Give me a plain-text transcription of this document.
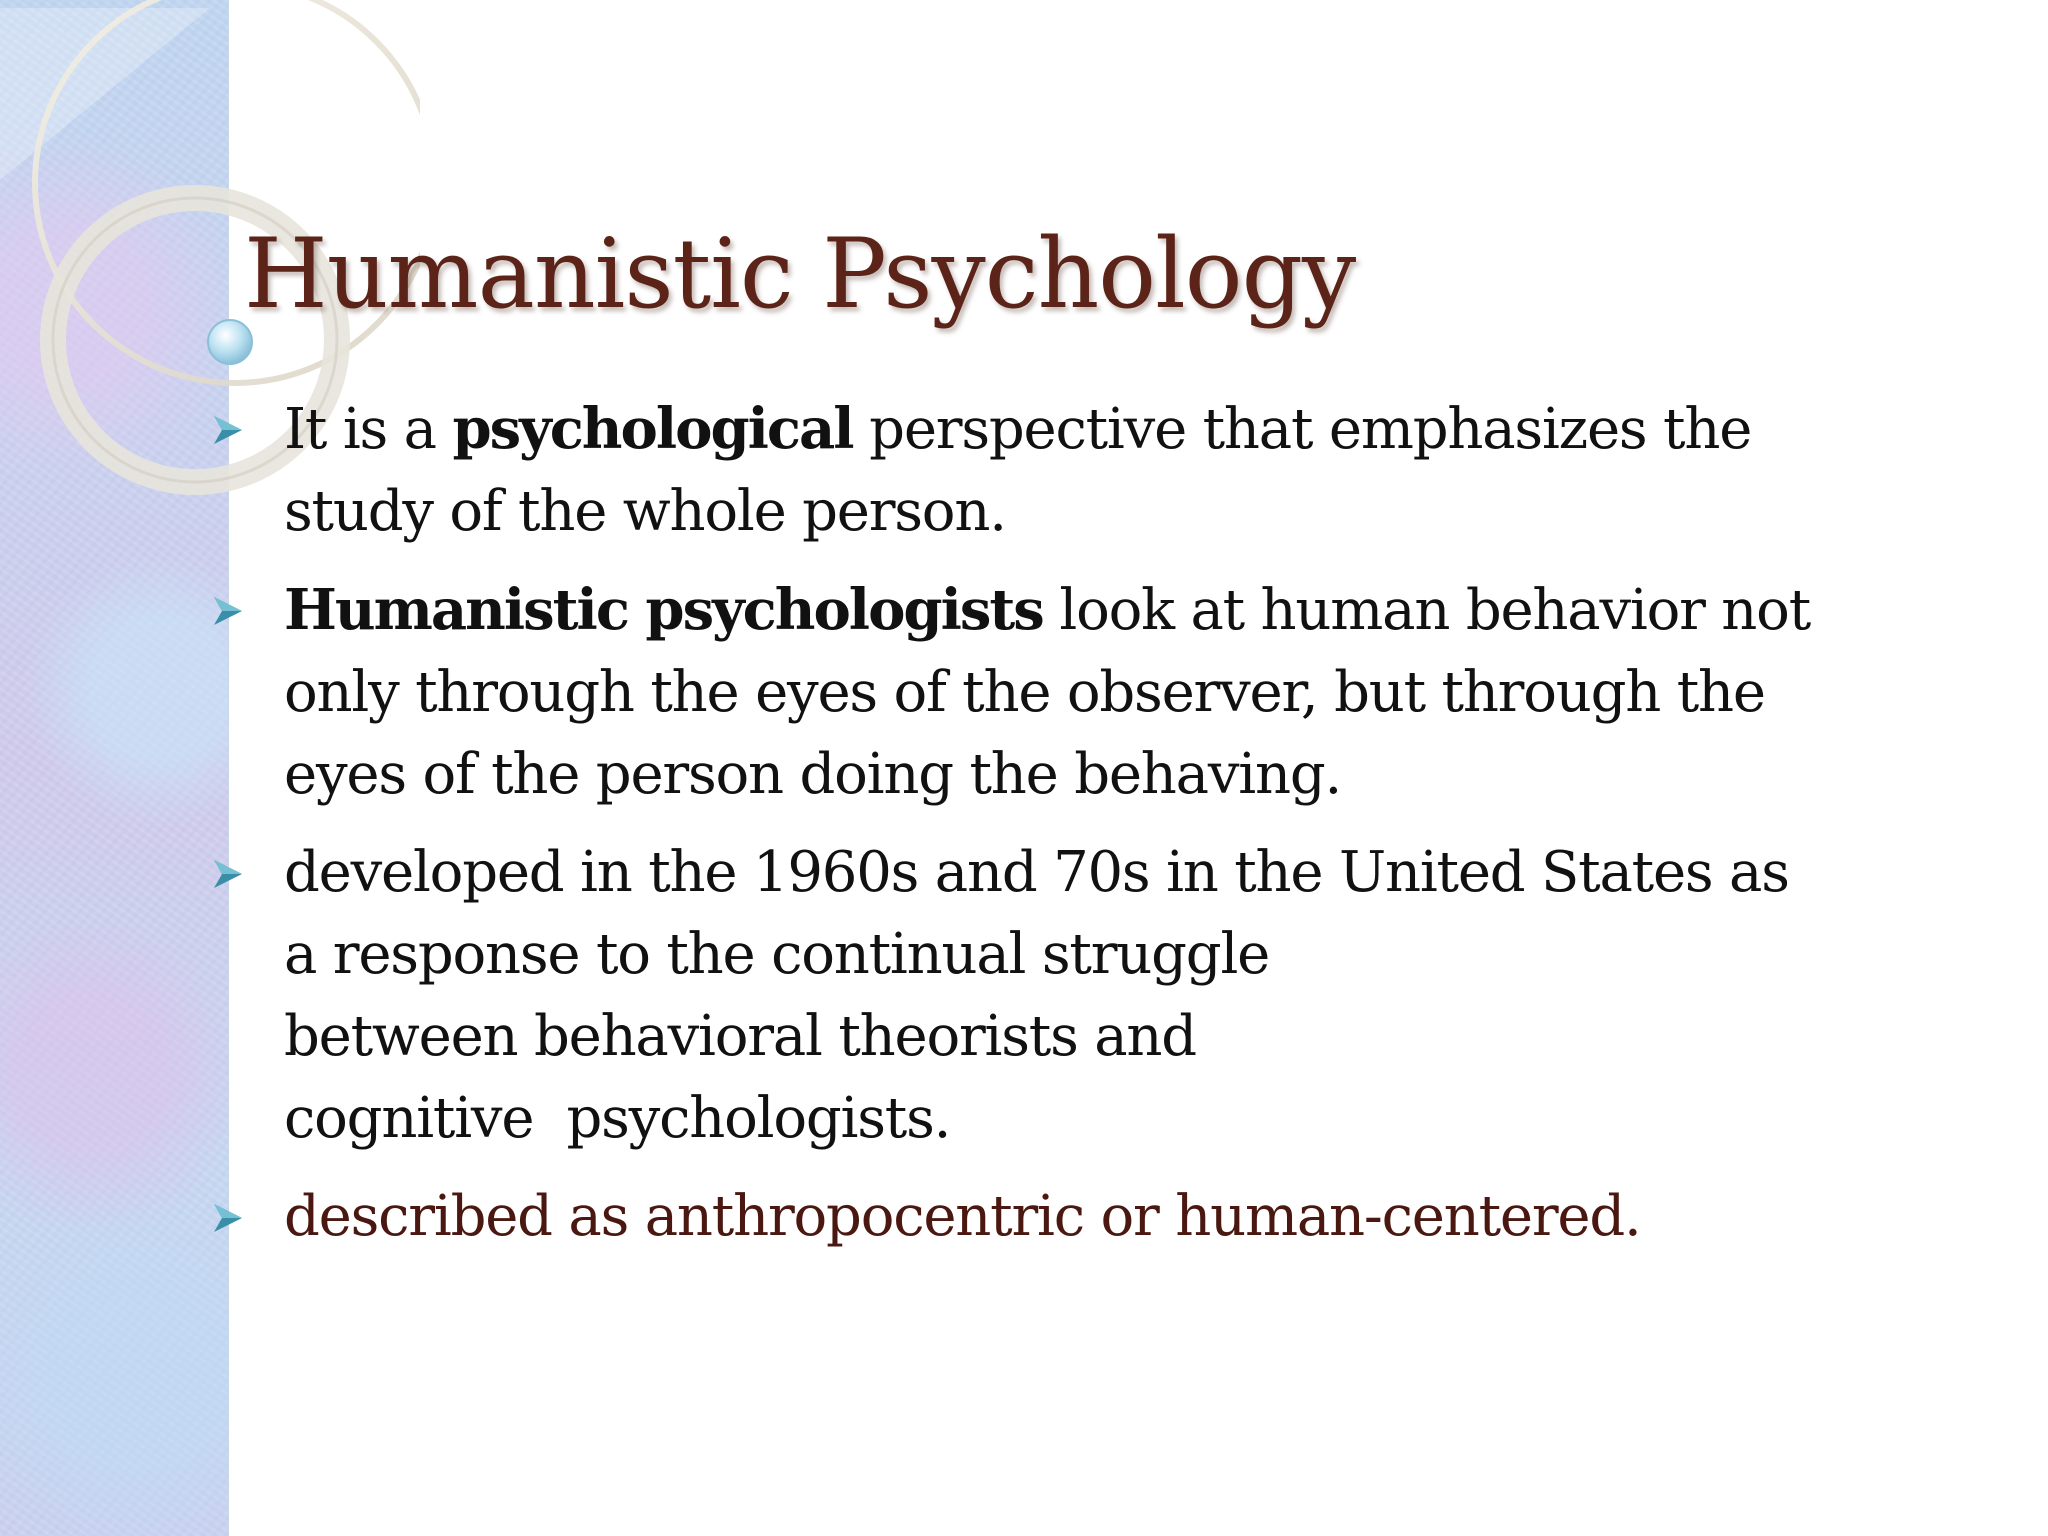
Humanistic Psychology
It is a psychological perspective that emphasizes the
study of the whole person.
Humanistic psychologists look at human behavior not
only through the eyes of the observer, but through the
eyes of the person doing the behaving.
developed in the 1960s and 70s in the United States as
a response to the continual struggle
between behavioral theorists and
cognitive  psychologists.
described as anthropocentric or human-centered.
